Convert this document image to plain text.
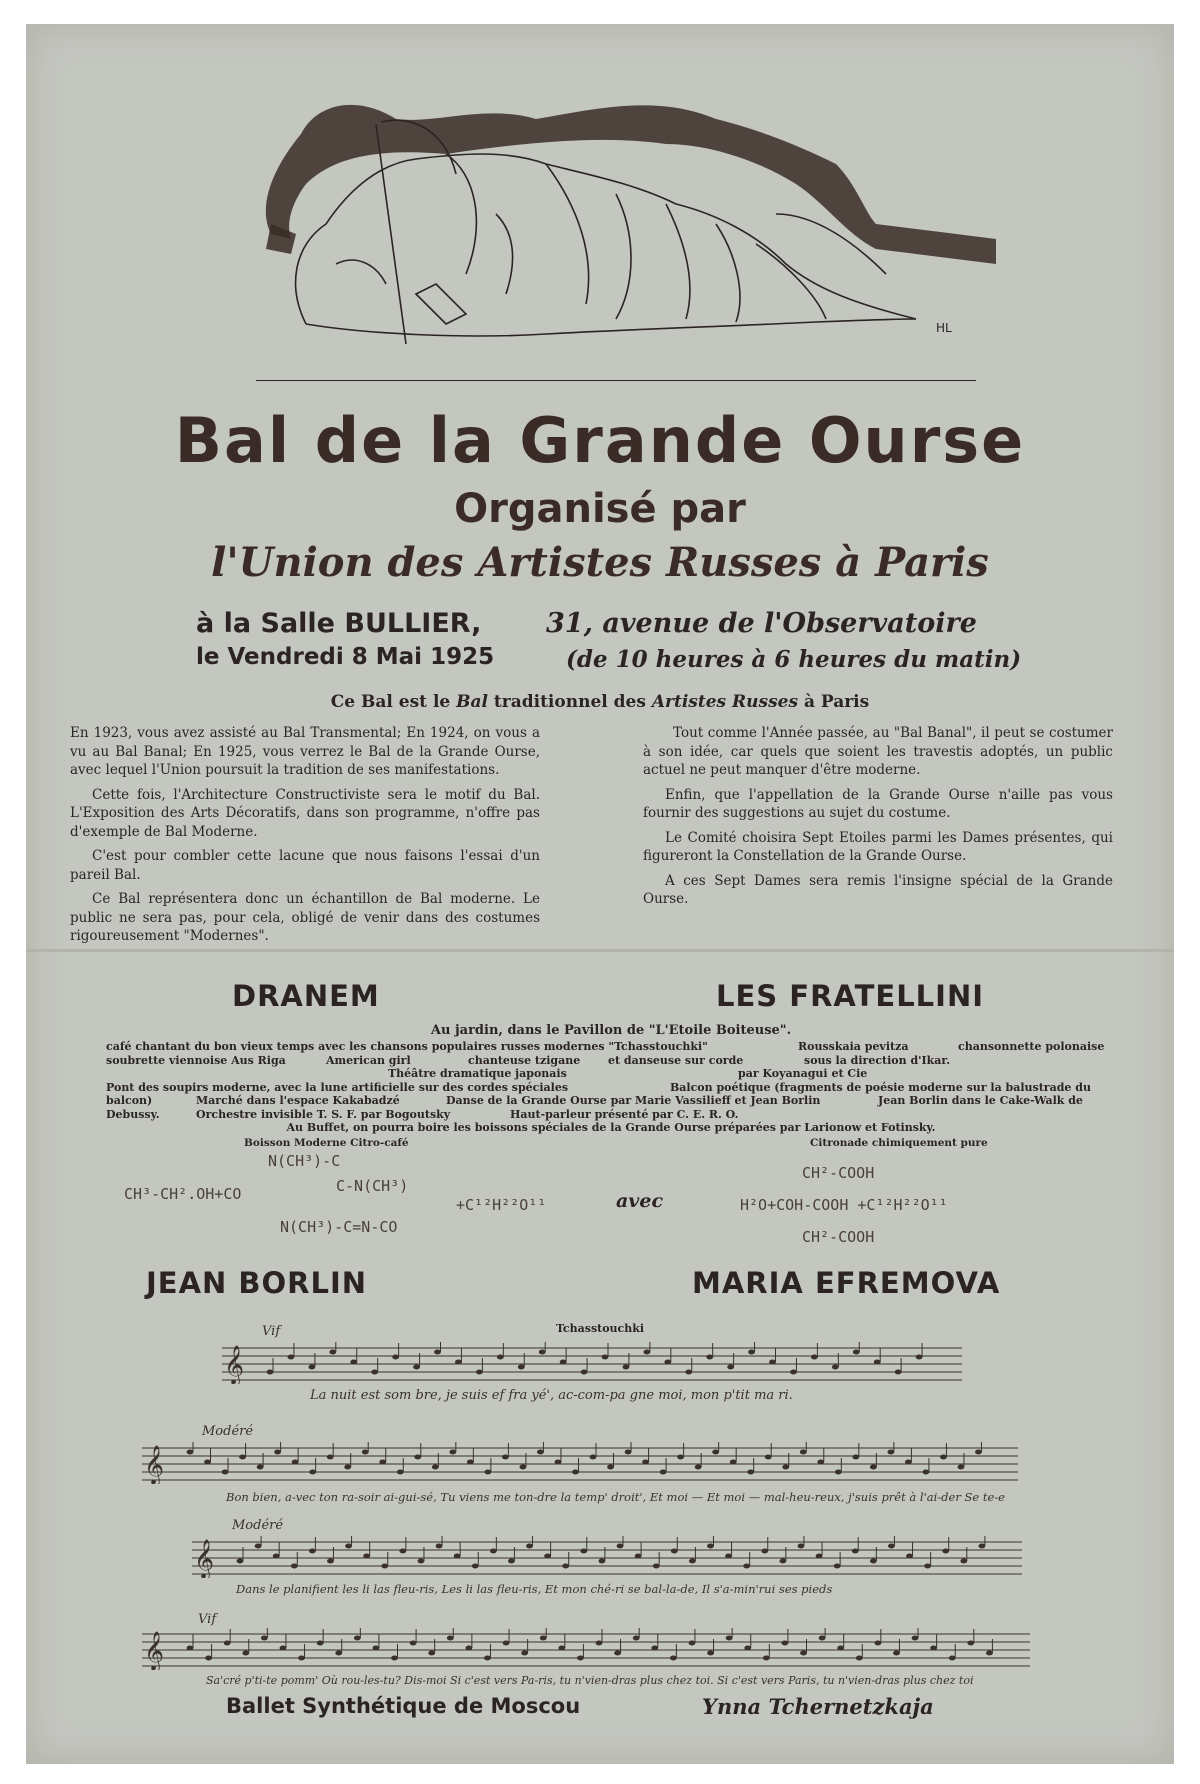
HL
Bal de la Grande Ourse
Organisé par
l'Union des Artistes Russes à Paris
à la Salle BULLIER, 31, avenue de l'Observatoire
le Vendredi 8 Mai 1925	(de 10 heures à 6 heures du matin)
Ce Bal est le Bal traditionnel des Artistes Russes à Paris

En 1923, vous avez assisté au Bal Transmental; En 1924, on vous a vu au Bal Banal; En 1925, vous verrez le Bal de la Grande Ourse, avec lequel l'Union poursuit la tradition de ses manifestations.

Cette fois, l'Architecture Constructiviste sera le motif du Bal. L'Exposition des Arts Décoratifs, dans son programme, n'offre pas d'exemple de Bal Moderne.

C'est pour combler cette lacune que nous faisons l'essai d'un pareil Bal.

Ce Bal représentera donc un échantillon de Bal moderne. Le public ne sera pas, pour cela, obligé de venir dans des costumes rigoureusement "Modernes".

Tout comme l'Année passée, au "Bal Banal", il peut se costumer à son idée, car quels que soient les travestis adoptés, un public actuel ne peut manquer d'être moderne.

Enfin, que l'appellation de la Grande Ourse n'aille pas vous fournir des suggestions au sujet du costume.

Le Comité choisira Sept Etoiles parmi les Dames présentes, qui figureront la Constellation de la Grande Ourse.

A ces Sept Dames sera remis l'insigne spécial de la Grande Ourse.

DRANEM	LES FRATELLINI
Au jardin, dans le Pavillon de "L'Etoile Boiteuse".
café chantant du bon vieux temps avec les chansons populaires russes modernes "Tchasstouchki"	Rousskaia pevitza	chansonnette polonaise
soubrette viennoise Aus Riga	American girl	chanteuse tzigane	et danseuse sur corde	sous la direction d'Ikar.
Théâtre dramatique japonais	par Koyanagui et Cie
Pont des soupirs moderne, avec la lune artificielle sur des cordes spéciales	Balcon poétique (fragments de poésie moderne sur la balustrade du
balcon)	Marché dans l'espace Kakabadzé	Danse de la Grande Ourse par Marie Vassilieff et Jean Borlin	Jean Borlin dans le Cake-Walk de
Debussy.	Orchestre invisible T. S. F. par Bogoutsky	Haut-parleur présenté par C. E. R. O.
Au Buffet, on pourra boire les boissons spéciales de la Grande Ourse préparées par Larionow et Fotinsky.
Boisson Moderne Citro-café	Citronade chimiquement pure
N(CH³)-C
CH³-CH².OH+CO	C-N(CH³)
+C¹²H²²O¹¹
N(CH³)-C=N-CO
avec
CH²-COOH
H²O+COH-COOH +C¹²H²²O¹¹
CH²-COOH
JEAN BORLIN	MARIA EFREMOVA
Tchasstouchki
𝄞
Vif
La nuit est som bre, je suis ef fra yé', ac-com-pa gne moi, mon p'tit ma ri.
𝄞
Modéré
Bon bien, a-vec ton ra-soir ai-gui-sé, Tu viens me ton-dre la temp' droit', Et moi — Et moi — mal-heu-reux, j'suis prêt à l'ai-der Se te-e
𝄞
Modéré
Dans le planifient les li las fleu-ris, Les li las fleu-ris, Et mon ché-ri se bal-la-de, Il s'a-min'rui ses pieds
𝄞
Vif
Sa'cré p'ti-te pomm' Où rou-les-tu? Dis-moi Si c'est vers Pa-ris, tu n'vien-dras plus chez toi. Si c'est vers Paris, tu n'vien-dras plus chez toi
Ballet Synthétique de Moscou	Ynna Tchernetzkaja
